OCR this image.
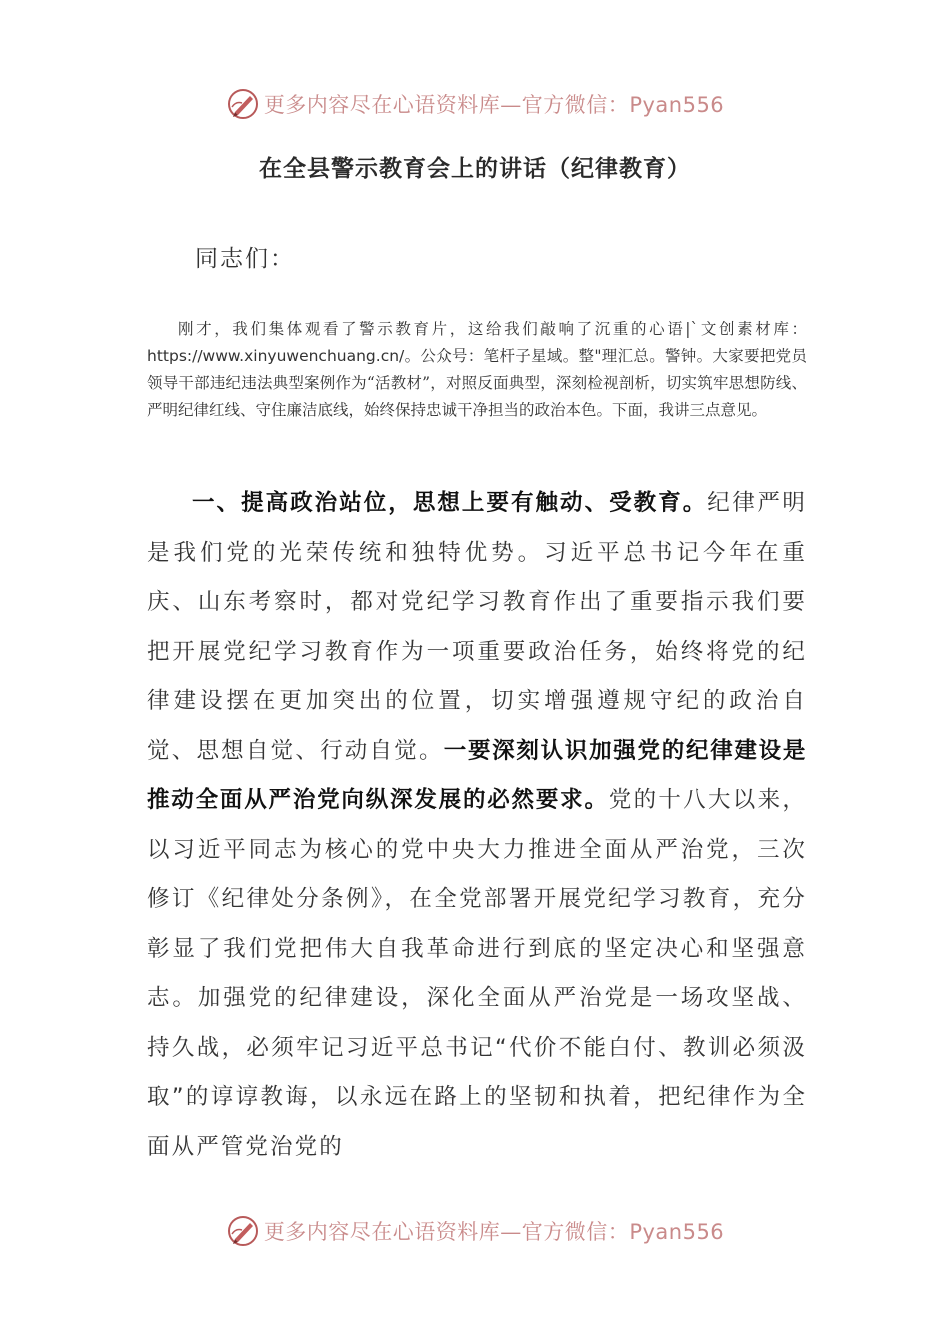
更多内容尽在心语资料库—官方微信：Pyan556
在全县警示教育会上的讲话（纪律教育）
同志们：

刚才，我们集体观看了警示教育片，这给我们敲响了沉重的心语|`文创素材库：https://www.xinyuwenchuang.cn/。公众号：笔杆子星域。整"理汇总。警钟。大家要把党员领导干部违纪违法典型案例作为“活教材”，对照反面典型，深刻检视剖析，切实筑牢思想防线、严明纪律红线、守住廉洁底线，始终保持忠诚干净担当的政治本色。下面，我讲三点意见。

一、提高政治站位，思想上要有触动、受教育。纪律严明是我们党的光荣传统和独特优势。习近平总书记今年在重庆、山东考察时，都对党纪学习教育作出了重要指示我们要把开展党纪学习教育作为一项重要政治任务，始终将党的纪律建设摆在更加突出的位置，切实增强遵规守纪的政治自觉、思想自觉、行动自觉。一要深刻认识加强党的纪律建设是推动全面从严治党向纵深发展的必然要求。党的十八大以来，以习近平同志为核心的党中央大力推进全面从严治党，三次修订《纪律处分条例》，在全党部署开展党纪学习教育，充分彰显了我们党把伟大自我革命进行到底的坚定决心和坚强意志。加强党的纪律建设，深化全面从严治党是一场攻坚战、持久战，必须牢记习近平总书记“代价不能白付、教训必须汲取”的谆谆教诲，以永远在路上的坚韧和执着，把纪律作为全面从严管党治党的

更多内容尽在心语资料库—官方微信：Pyan556
